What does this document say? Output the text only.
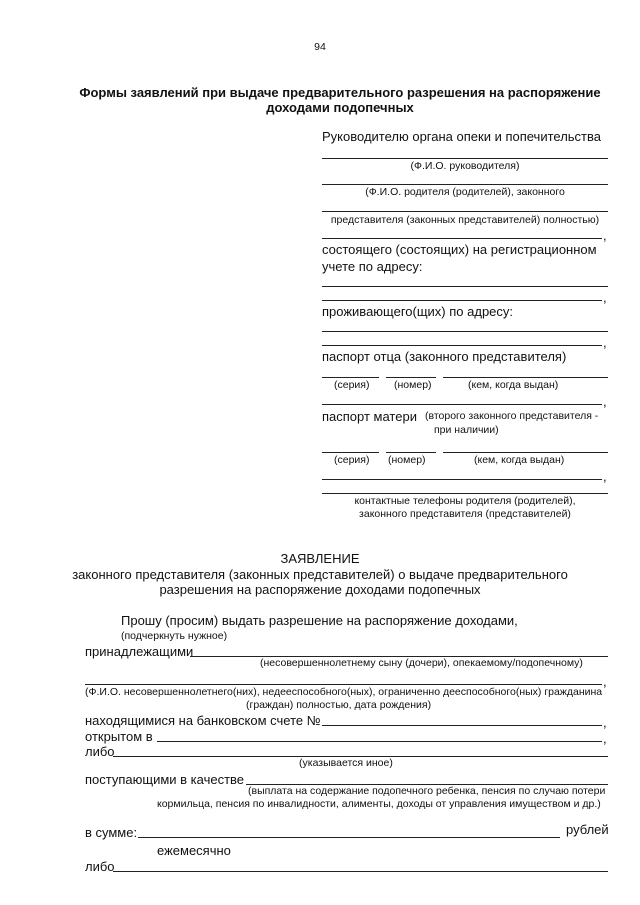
94
Формы заявлений при выдаче предварительного разрешения на распоряжение
доходами подопечных
Руководителю органа опеки и попечительства
(Ф.И.О. руководителя)
(Ф.И.О. родителя (родителей), законного
представителя (законных представителей) полностью)
,
состоящего (состоящих) на регистрационном
учете по адресу:
,
проживающего(щих) по адресу:
,
паспорт отца (законного представителя)
(серия) (номер)	(кем, когда выдан)
,
паспорт матери (второго законного представителя -
при наличии)
(серия) (номер)	(кем, когда выдан)
,
контактные телефоны родителя (родителей),
законного представителя (представителей)
ЗАЯВЛЕНИЕ
законного представителя (законных представителей) о выдаче предварительного
разрешения на распоряжение доходами подопечных
Прошу (просим) выдать разрешение на распоряжение доходами,
(подчеркнуть нужное)
принадлежащими
(несовершеннолетнему сыну (дочери), опекаемому/подопечному)
,
(Ф.И.О. несовершеннолетнего(них), недееспособного(ных), ограниченно дееспособного(ных) гражданина
(граждан) полностью, дата рождения)
находящимися на банковском счете №	,
открытом в	,
либо
(указывается иное)
поступающими в качестве
(выплата на содержание подопечного ребенка, пенсия по случаю потери
кормильца, пенсия по инвалидности, алименты, доходы от управления имуществом и др.)
в сумме:	рублей
ежемесячно
либо
